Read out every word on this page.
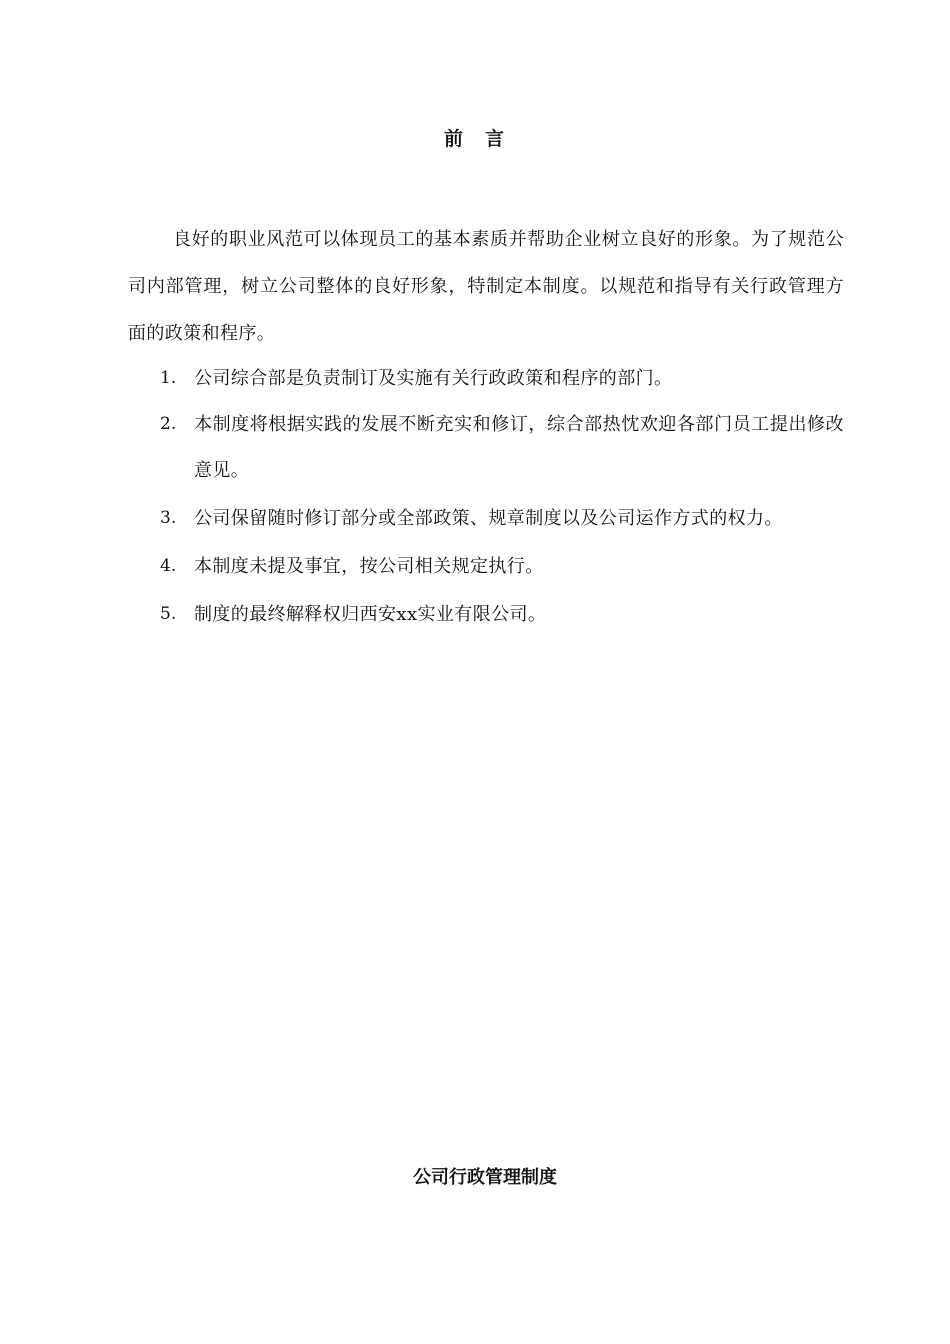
前言

良好的职业风范可以体现员工的基本素质并帮助企业树立良好的形象。为了规范公司内部管理，树立公司整体的良好形象，特制定本制度。以规范和指导有关行政管理方面的政策和程序。

1. 公司综合部是负责制订及实施有关行政政策和程序的部门。
2. 本制度将根据实践的发展不断充实和修订，综合部热忱欢迎各部门员工提出修改意见。
3. 公司保留随时修订部分或全部政策、规章制度以及公司运作方式的权力。
4. 本制度未提及事宜，按公司相关规定执行。
5. 制度的最终解释权归西安xx实业有限公司。
公司行政管理制度
